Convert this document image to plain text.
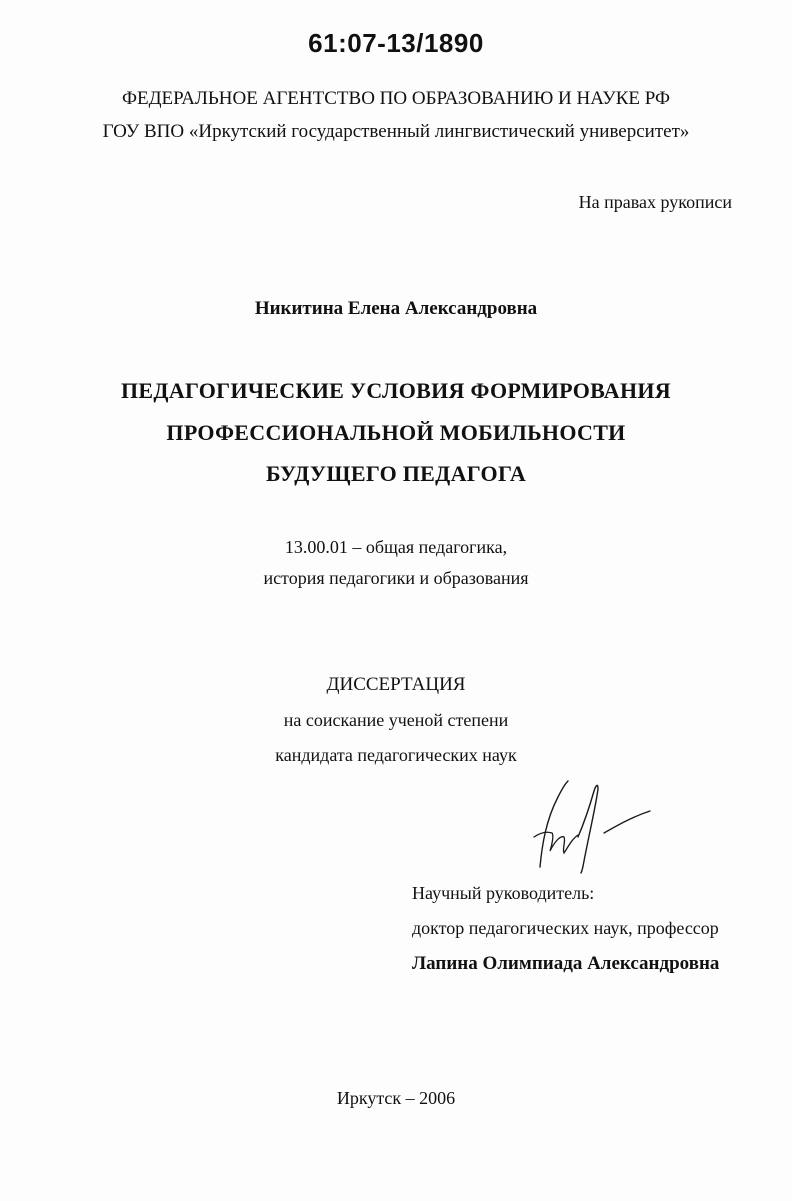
61:07-13/1890
ФЕДЕРАЛЬНОЕ АГЕНТСТВО ПО ОБРАЗОВАНИЮ И НАУКЕ РФ
ГОУ ВПО «Иркутский государственный лингвистический университет»
На правах рукописи
Никитина Елена Александровна
ПЕДАГОГИЧЕСКИЕ УСЛОВИЯ ФОРМИРОВАНИЯ
ПРОФЕССИОНАЛЬНОЙ МОБИЛЬНОСТИ
БУДУЩЕГО ПЕДАГОГА
13.00.01 – общая педагогика,
история педагогики и образования
ДИССЕРТАЦИЯ
на соискание ученой степени
кандидата педагогических наук
Научный руководитель:
доктор педагогических наук, профессор
Лапина Олимпиада Александровна
Иркутск – 2006
